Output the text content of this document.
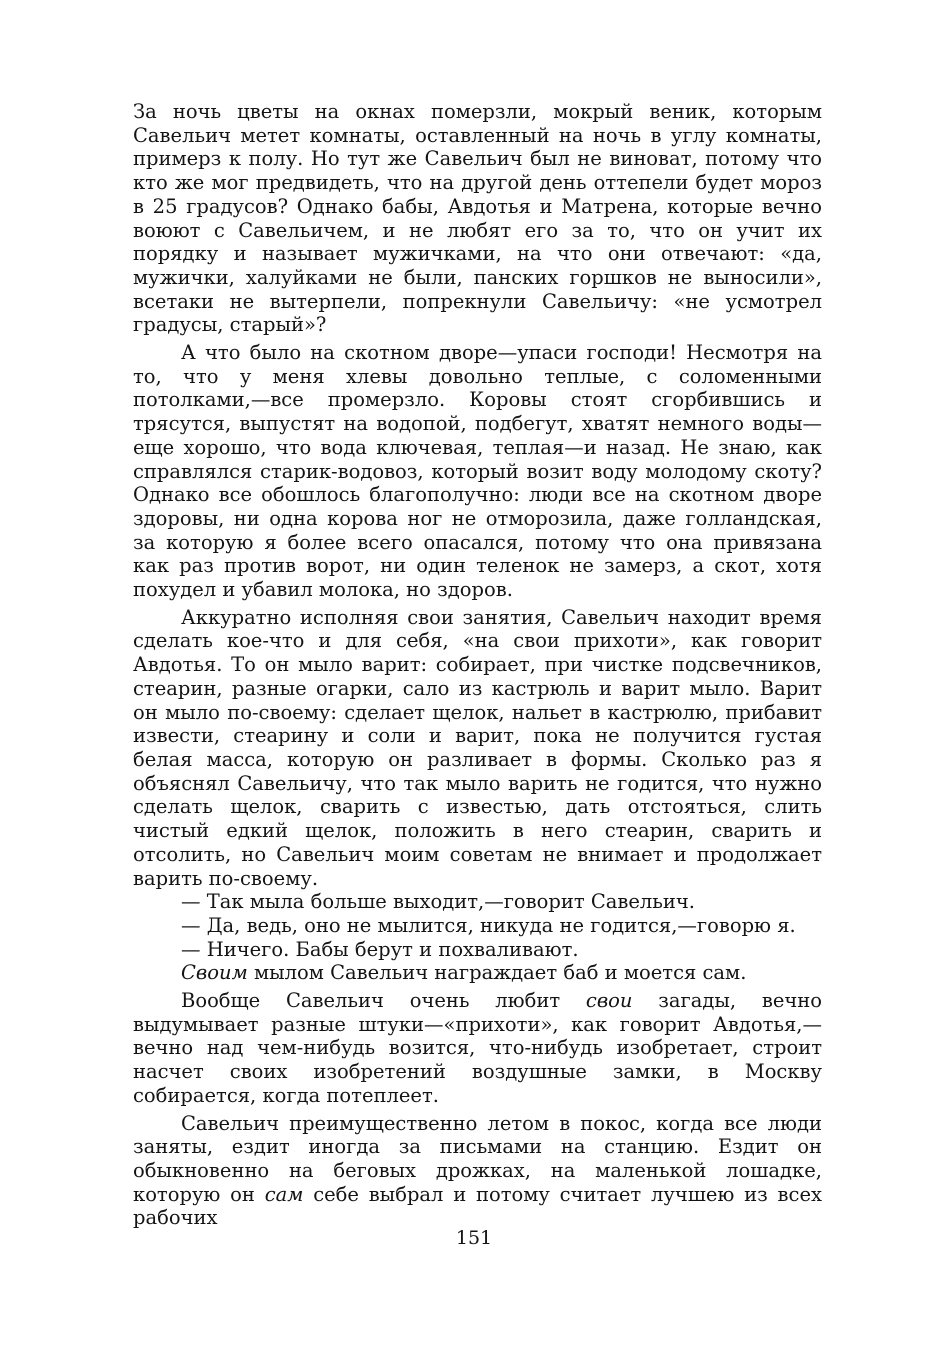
За ночь цветы на окнах померзли, мокрый веник, которым Савельич метет комнаты, оставленный на ночь в углу комнаты, примерз к полу. Но тут же Савельич был не виноват, потому что кто же мог предвидеть, что на другой день оттепели будет мороз в 25 градусов? Однако бабы, Авдотья и Матрена, которые вечно воюют с Савельичем, и не любят его за то, что он учит их порядку и называет мужичками, на что они отвечают: «да, мужички, халуйками не были, панских горшков не выносили», всетаки не вытерпели, попрекнули Савельичу: «не усмотрел градусы, старый»?

А что было на скотном дворе—упаси господи! Несмотря на то, что у меня хлевы довольно теплые, с соломенными потолками,—все промерзло. Коровы стоят сгорбившись и трясутся, выпустят на водопой, подбегут, хватят немного воды—еще хорошо, что вода ключевая, теплая—и назад. Не знаю, как справлялся старик-водовоз, который возит воду молодому скоту? Однако все обошлось благополучно: люди все на скотном дворе здоровы, ни одна корова ног не отморозила, даже голландская, за которую я более всего опасался, потому что она привязана как раз против ворот, ни один теленок не замерз, а скот, хотя похудел и убавил молока, но здоров.

Аккуратно исполняя свои занятия, Савельич находит время сделать кое-что и для себя, «на свои прихоти», как говорит Авдотья. То он мыло варит: собирает, при чистке подсвечников, стеарин, разные огарки, сало из кастрюль и варит мыло. Варит он мыло по-своему: сделает щелок, нальет в кастрюлю, прибавит извести, стеарину и соли и варит, пока не получится густая белая масса, которую он разливает в формы. Сколько раз я объяснял Савельичу, что так мыло варить не годится, что нужно сделать щелок, сварить с известью, дать отстояться, слить чистый едкий щелок, положить в него стеарин, сварить и отсолить, но Савельич моим советам не внимает и продолжает варить по-своему.

— Так мыла больше выходит,—говорит Савельич.

— Да, ведь, оно не мылится, никуда не годится,—говорю я.

— Ничего. Бабы берут и похваливают.

Своим мылом Савельич награждает баб и моется сам.

Вообще Савельич очень любит свои загады, вечно выдумывает разные штуки—«прихоти», как говорит Авдотья,—вечно над чем-нибудь возится, что-нибудь изобретает, строит насчет своих изобретений воздушные замки, в Москву собирается, когда потеплеет.

Савельич преимущественно летом в покос, когда все люди заняты, ездит иногда за письмами на станцию. Ездит он обыкновенно на беговых дрожках, на маленькой лошадке, которую он сам себе выбрал и потому считает лучшею из всех рабочих

151
